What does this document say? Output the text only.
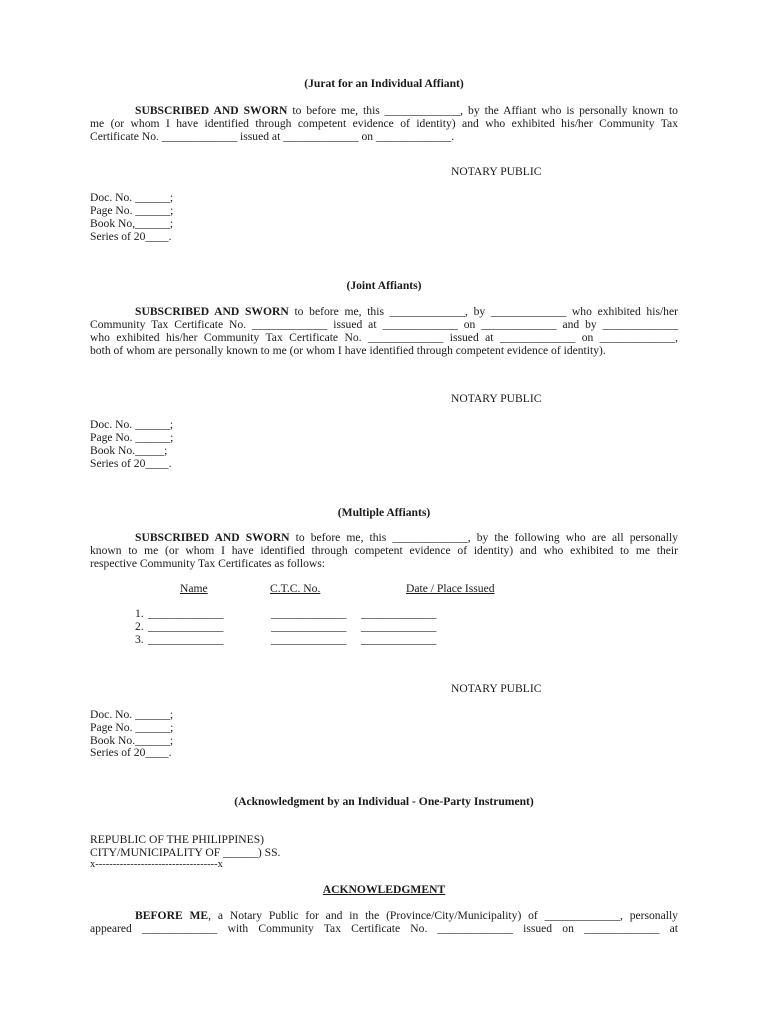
(Jurat for an Individual Affiant)
SUBSCRIBED AND SWORN to before me, this _____________, by the Affiant who is personally known to
me (or whom I have identified through competent evidence of identity) and who exhibited his/her Community Tax
Certificate No. _____________ issued at _____________ on _____________.
NOTARY PUBLIC
Doc. No. ______;
Page No. ______;
Book No,______;
Series of 20____.
(Joint Affiants)
SUBSCRIBED AND SWORN to before me, this _____________, by _____________ who exhibited his/her
Community Tax Certificate No. _____________ issued at _____________ on _____________ and by _____________
who exhibited his/her Community Tax Certificate No. _____________ issued at _____________ on _____________,
both of whom are personally known to me (or whom I have identified through competent evidence of identity).
NOTARY PUBLIC
Doc. No. ______;
Page No. ______;
Book No._____;
Series of 20____.
(Multiple Affiants)
SUBSCRIBED AND SWORN to before me, this _____________, by the following who are all personally
known to me (or whom I have identified through competent evidence of identity) and who exhibited to me their
respective Community Tax Certificates as follows:
Name	C.T.C. No.	Date / Place Issued
1. _____________	_____________ _____________
2. _____________	_____________ _____________
3. _____________	_____________ _____________
NOTARY PUBLIC
Doc. No. ______;
Page No. ______;
Book No.______;
Series of 20____.
(Acknowledgment by an Individual - One-Party Instrument)
REPUBLIC OF THE PHILIPPINES)
CITY/MUNICIPALITY OF ______) SS.
x-----------------------------------x
ACKNOWLEDGMENT
BEFORE ME, a Notary Public for and in the (Province/City/Municipality) of _____________, personally
appeared _____________ with Community Tax Certificate No. _____________ issued on _____________ at
